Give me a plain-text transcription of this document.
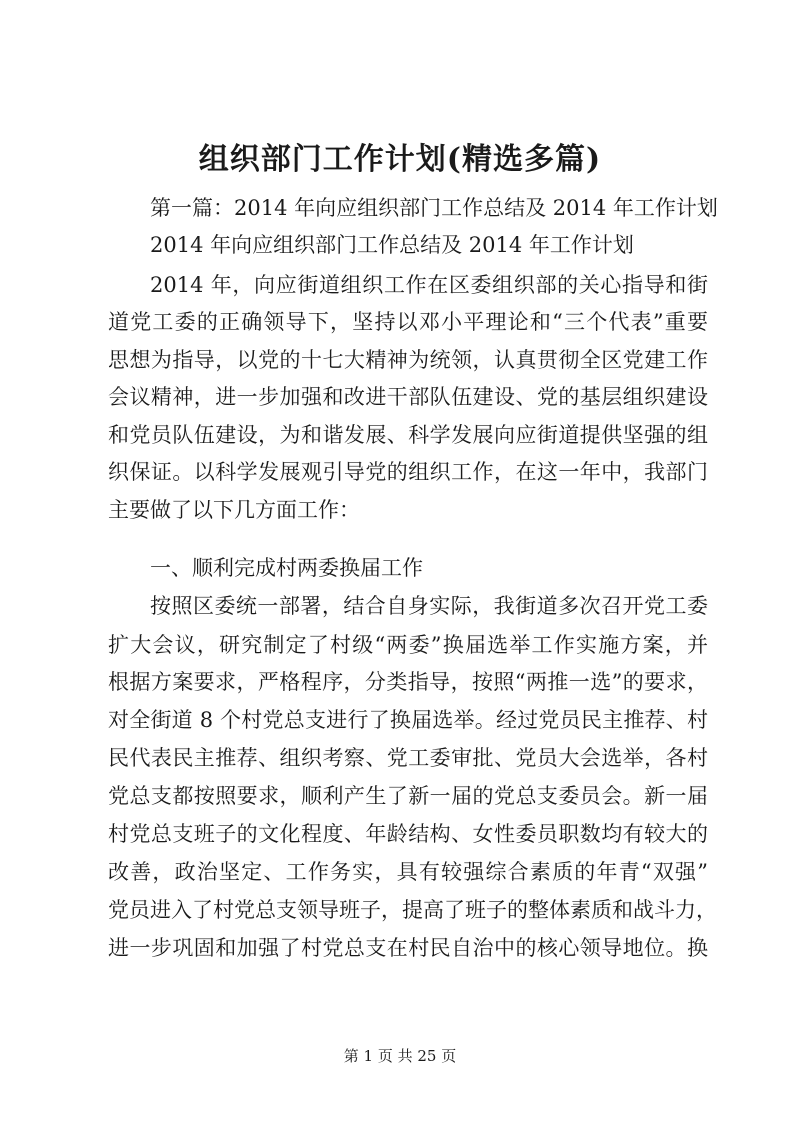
组织部门工作计划(精选多篇)
第一篇：2014 年向应组织部门工作总结及 2014 年工作计划
2014 年向应组织部门工作总结及 2014 年工作计划
2014 年，向应街道组织工作在区委组织部的关心指导和街
道党工委的正确领导下，坚持以邓小平理论和“三个代表”重要
思想为指导，以党的十七大精神为统领，认真贯彻全区党建工作
会议精神，进一步加强和改进干部队伍建设、党的基层组织建设
和党员队伍建设，为和谐发展、科学发展向应街道提供坚强的组
织保证。以科学发展观引导党的组织工作，在这一年中，我部门
主要做了以下几方面工作：
一、顺利完成村两委换届工作
按照区委统一部署，结合自身实际，我街道多次召开党工委
扩大会议，研究制定了村级“两委”换届选举工作实施方案，并
根据方案要求，严格程序，分类指导，按照“两推一选”的要求，
对全街道 8 个村党总支进行了换届选举。经过党员民主推荐、村
民代表民主推荐、组织考察、党工委审批、党员大会选举，各村
党总支都按照要求，顺利产生了新一届的党总支委员会。新一届
村党总支班子的文化程度、年龄结构、女性委员职数均有较大的
改善，政治坚定、工作务实，具有较强综合素质的年青“双强”
党员进入了村党总支领导班子，提高了班子的整体素质和战斗力，
进一步巩固和加强了村党总支在村民自治中的核心领导地位。换
第 1 页 共 25 页
